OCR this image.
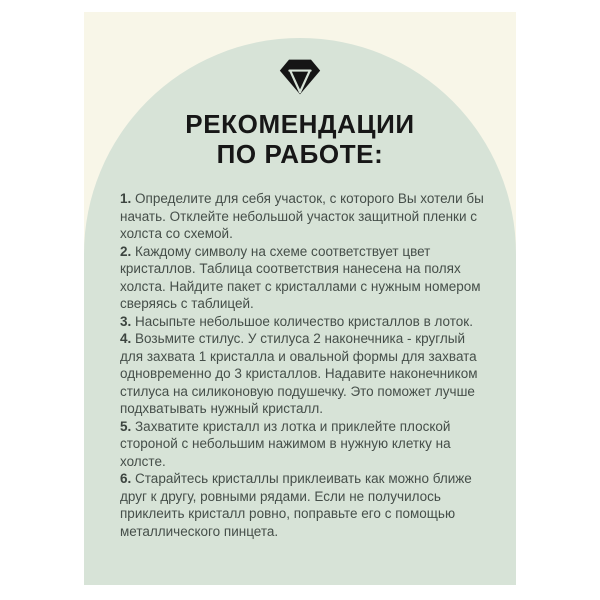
РЕКОМЕНДАЦИИ
ПО РАБОТЕ:

1. Определите для себя участок, с которого Вы хотели бы начать. Отклейте небольшой участок защитной пленки с холста со схемой.

2. Каждому символу на схеме соответствует цвет кристаллов. Таблица соответствия нанесена на полях холста. Найдите пакет с кристаллами с нужным номером сверяясь с таблицей.

3. Насыпьте небольшое количество кристаллов в лоток.

4. Возьмите стилус. У стилуса 2 наконечника - круглый для захвата 1 кристалла и овальной формы для захвата одновременно до 3 кристаллов. Надавите наконечником стилуса на силиконовую подушечку. Это поможет лучше подхватывать нужный кристалл.

5. Захватите кристалл из лотка и приклейте плоской стороной с небольшим нажимом в нужную клетку на холсте.

6. Старайтесь кристаллы приклеивать как можно ближе друг к другу, ровными рядами. Если не получилось приклеить кристалл ровно, поправьте его с помощью металлического пинцета.
